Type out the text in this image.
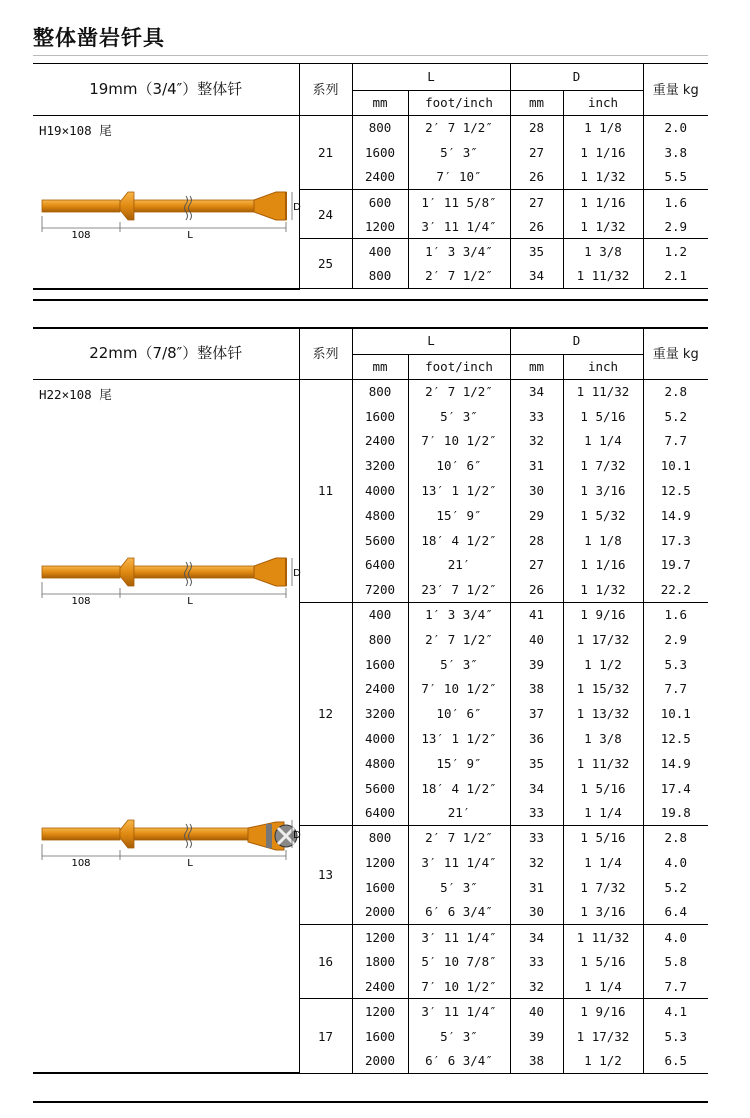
整体凿岩钎具
19mm（3/4″）整体钎	系列	L		D		重量 kg
		mm	foot/inch	mm	inch	

H19×108 尾	21	800	2′ 7 1/2″	28	1 1/8	2.0
		1600	5′ 3″	27	1 1/16	3.8
		2400	7′ 10″	26	1 1/32	5.5
	24	600	1′ 11 5/8″	27	1 1/16	1.6
		1200	3′ 11 1/4″	26	1 1/32	2.9
	25	400	1′ 3 3/4″	35	1 3/8	1.2
		800	2′ 7 1/2″	34	1 11/32	2.1
22mm（7/8″）整体钎	系列	L		D		重量 kg
		mm	foot/inch	mm	inch	

H22×108 尾	11	800	2′ 7 1/2″	34	1 11/32	2.8
		1600	5′ 3″	33	1 5/16	5.2
		2400	7′ 10 1/2″	32	1 1/4	7.7
		3200	10′ 6″	31	1 7/32	10.1
		4000	13′ 1 1/2″	30	1 3/16	12.5
		4800	15′ 9″	29	1 5/32	14.9
		5600	18′ 4 1/2″	28	1 1/8	17.3
		6400	21′	27	1 1/16	19.7
		7200	23′ 7 1/2″	26	1 1/32	22.2
	12	400	1′ 3 3/4″	41	1 9/16	1.6
		800	2′ 7 1/2″	40	1 17/32	2.9
		1600	5′ 3″	39	1 1/2	5.3
		2400	7′ 10 1/2″	38	1 15/32	7.7
		3200	10′ 6″	37	1 13/32	10.1
		4000	13′ 1 1/2″	36	1 3/8	12.5
		4800	15′ 9″	35	1 11/32	14.9
		5600	18′ 4 1/2″	34	1 5/16	17.4
		6400	21′	33	1 1/4	19.8
	13	800	2′ 7 1/2″	33	1 5/16	2.8
		1200	3′ 11 1/4″	32	1 1/4	4.0
		1600	5′ 3″	31	1 7/32	5.2
		2000	6′ 6 3/4″	30	1 3/16	6.4
	16	1200	3′ 11 1/4″	34	1 11/32	4.0
		1800	5′ 10 7/8″	33	1 5/16	5.8
		2400	7′ 10 1/2″	32	1 1/4	7.7
	17	1200	3′ 11 1/4″	40	1 9/16	4.1
		1600	5′ 3″	39	1 17/32	5.3
		2000	6′ 6 3/4″	38	1 1/2	6.5
108	L
D
108	L
D
108	L
D
